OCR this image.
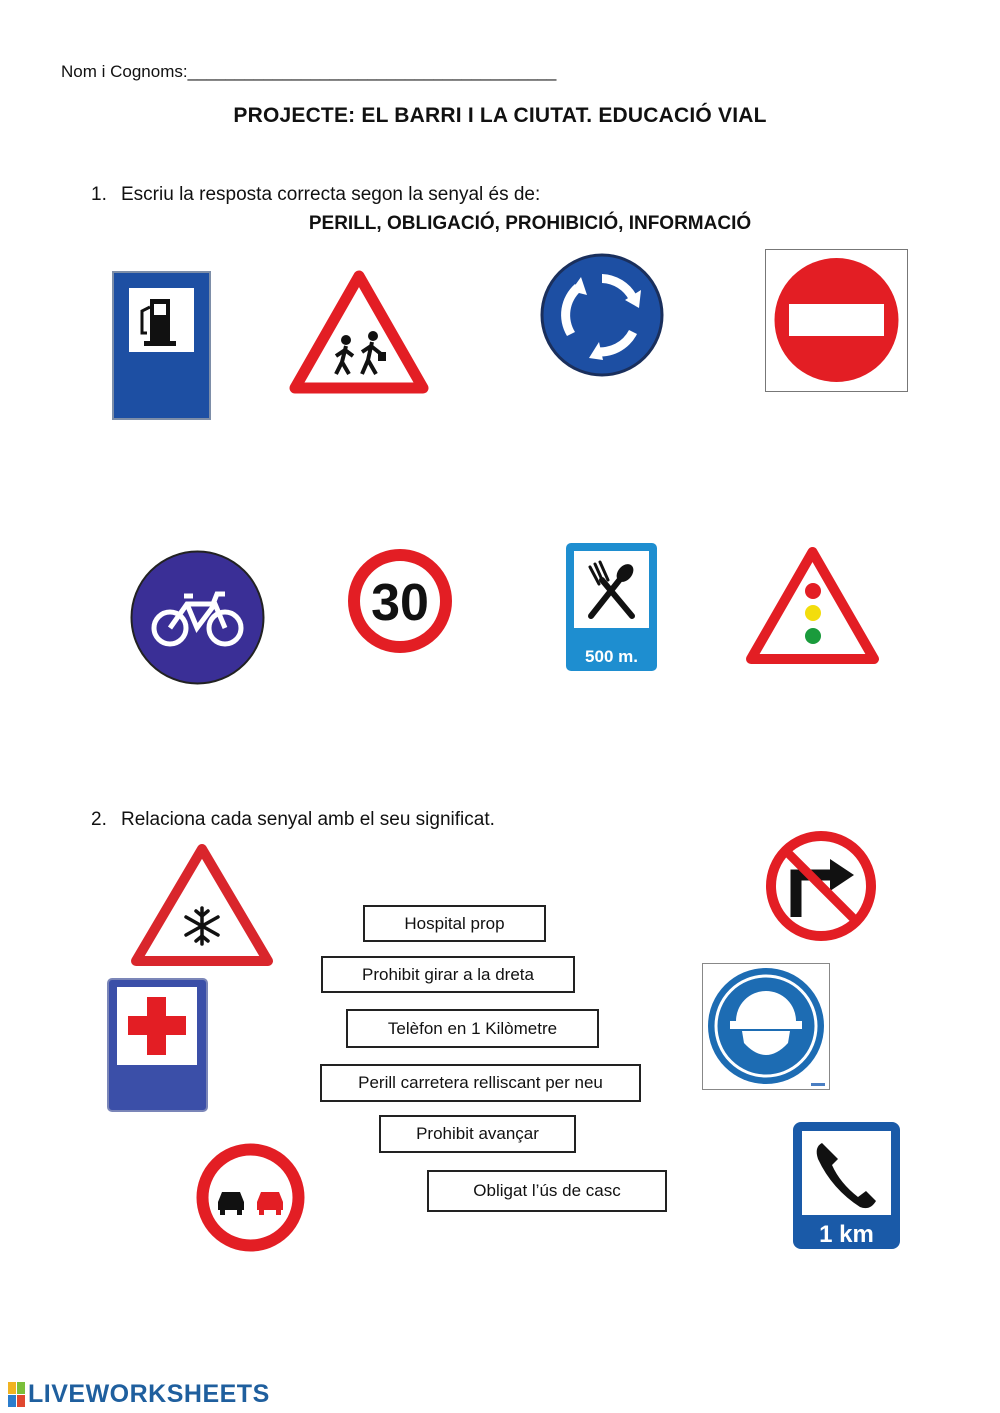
Nom i Cognoms:_______________________________________
PROJECTE: EL BARRI I LA CIUTAT. EDUCACIÓ VIAL
1. Escriu la resposta correcta segon la senyal és de:
PERILL, OBLIGACIÓ, PROHIBICIÓ, INFORMACIÓ
30
500 m.
2. Relaciona cada senyal amb el seu significat.
1 km
Hospital prop
Prohibit girar a la dreta
Telèfon en 1 Kilòmetre
Perill carretera relliscant per neu
Prohibit avançar
Obligat l’ús de casc
LIVEWORKSHEETS
